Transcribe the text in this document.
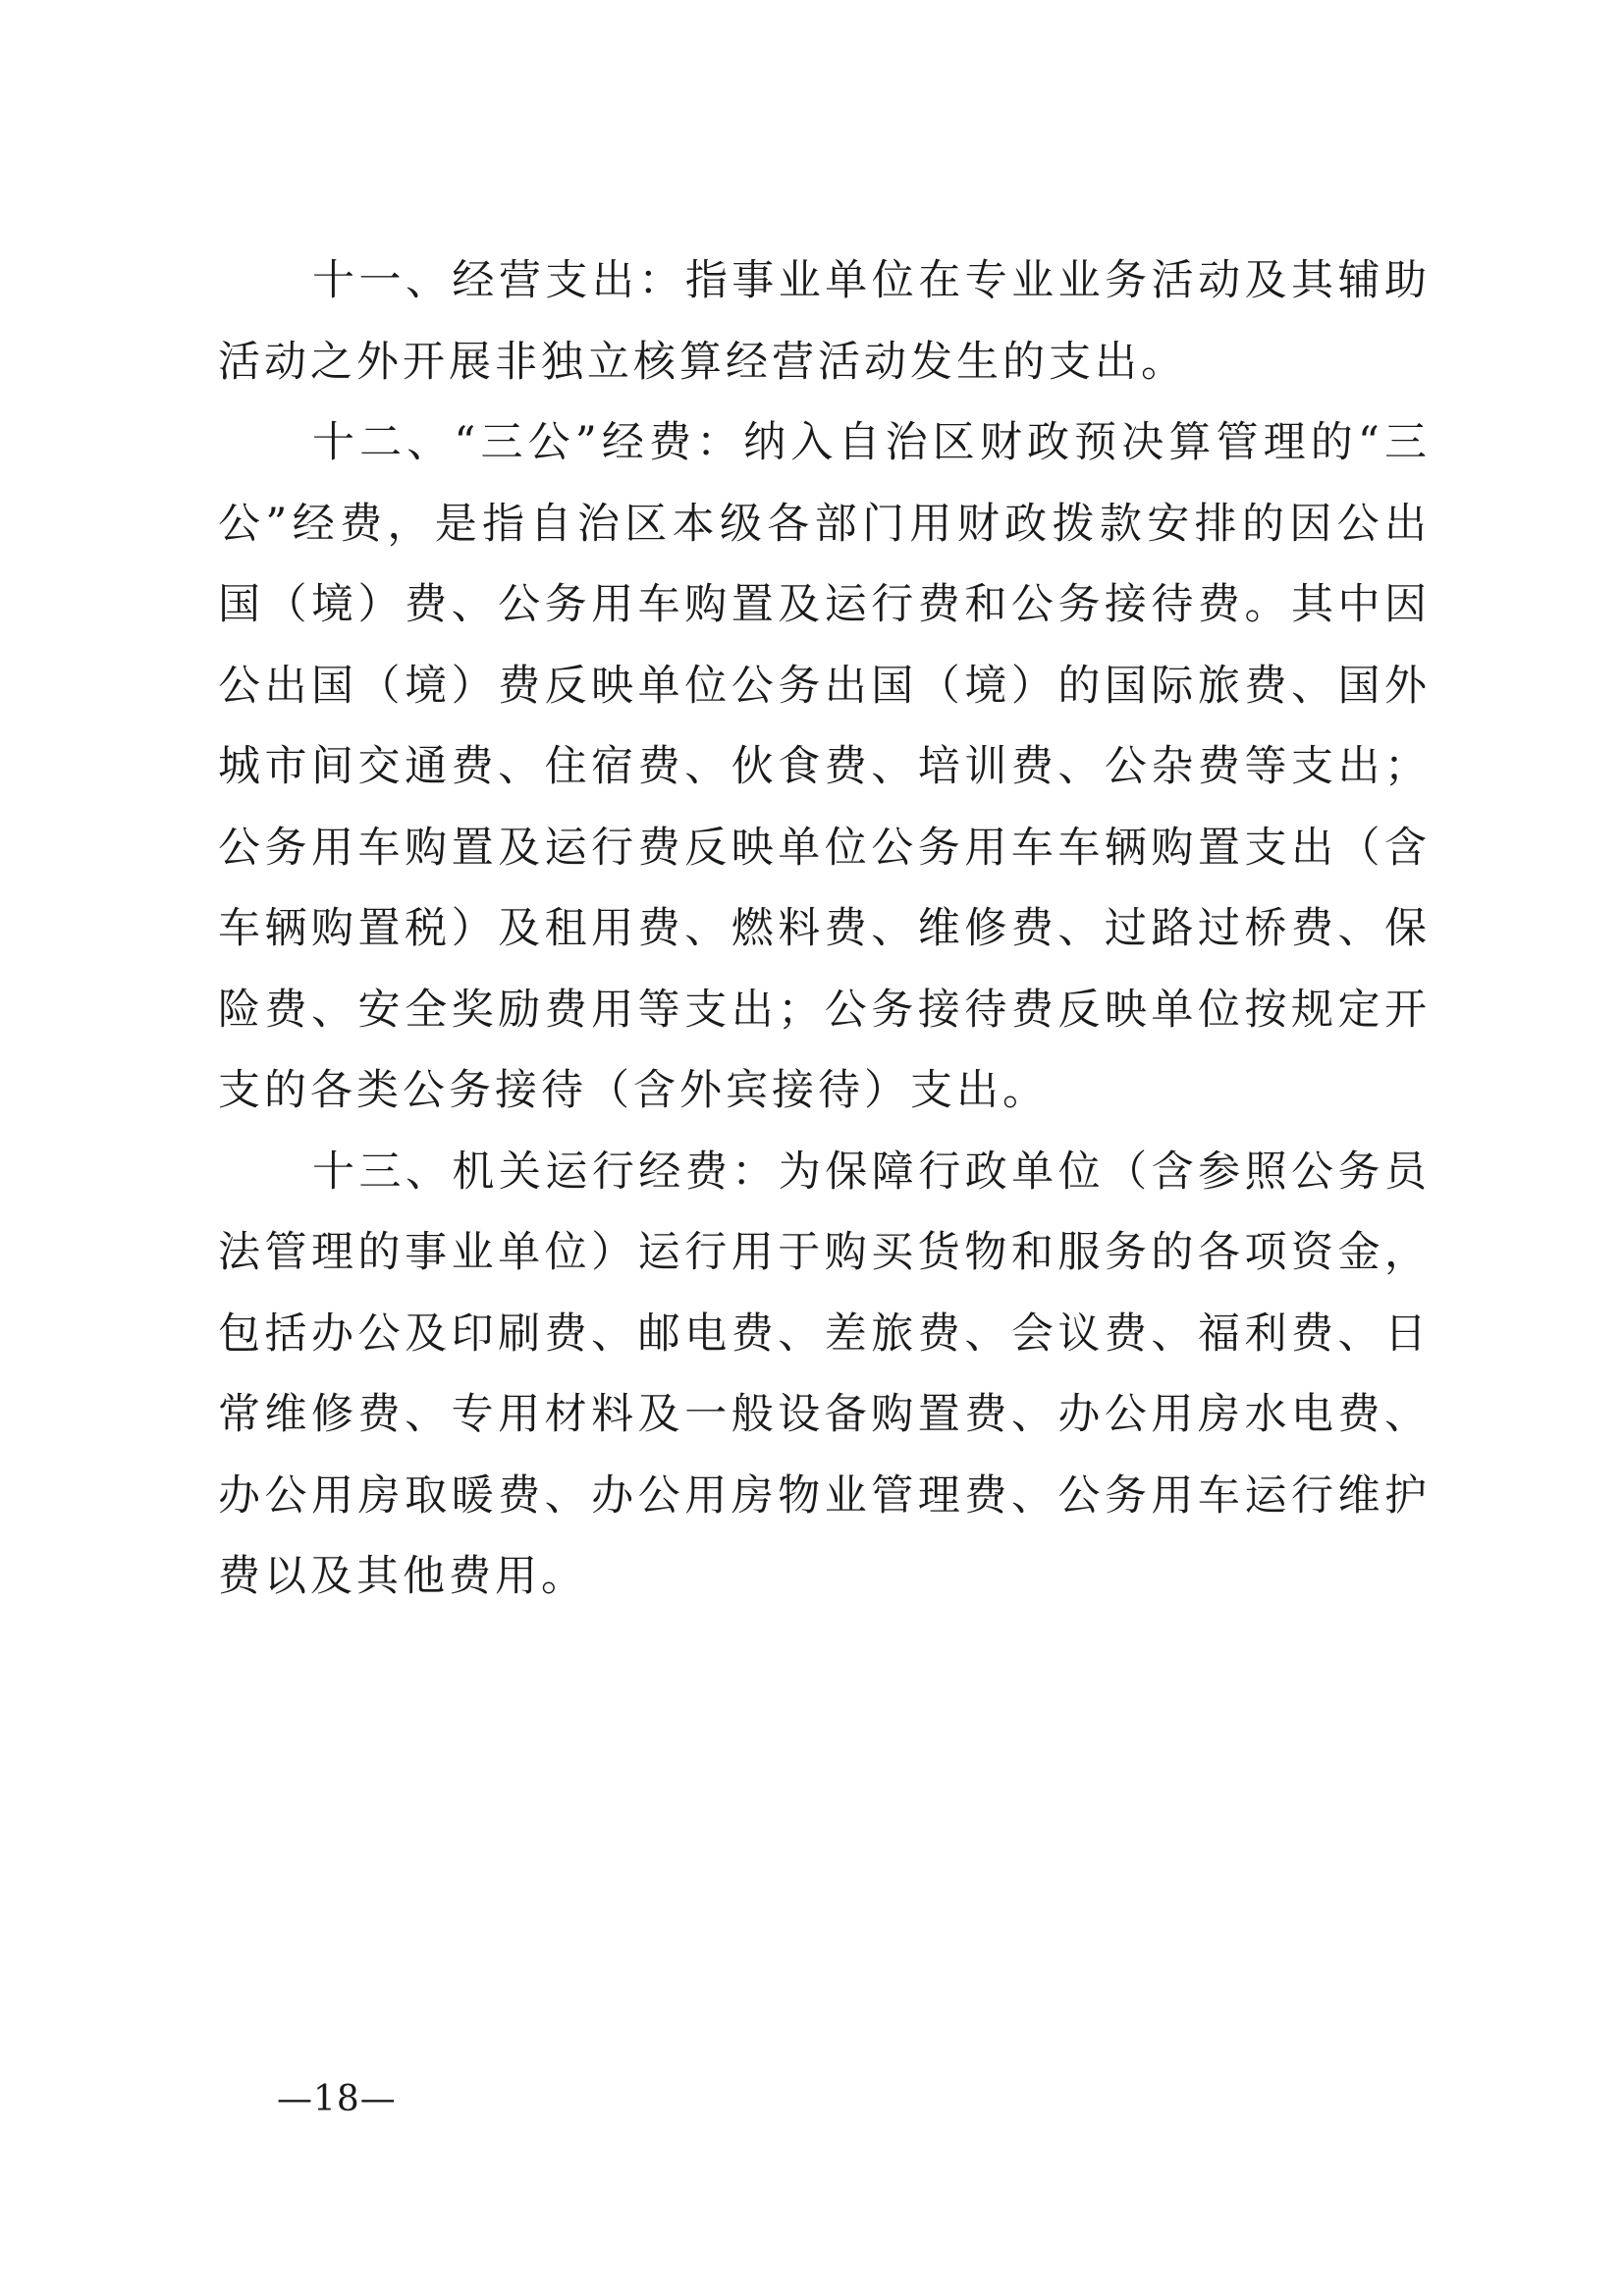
十一、经营支出：指事业单位在专业业务活动及其辅助活动之外开展非独立核算经营活动发生的支出。

十二、“三公”经费：纳入自治区财政预决算管理的“三公”经费，是指自治区本级各部门用财政拨款安排的因公出国（境）费、公务用车购置及运行费和公务接待费。其中因公出国（境）费反映单位公务出国（境）的国际旅费、国外城市间交通费、住宿费、伙食费、培训费、公杂费等支出；公务用车购置及运行费反映单位公务用车车辆购置支出（含车辆购置税）及租用费、燃料费、维修费、过路过桥费、保险费、安全奖励费用等支出；公务接待费反映单位按规定开支的各类公务接待（含外宾接待）支出。

十三、机关运行经费：为保障行政单位（含参照公务员法管理的事业单位）运行用于购买货物和服务的各项资金，包括办公及印刷费、邮电费、差旅费、会议费、福利费、日常维修费、专用材料及一般设备购置费、办公用房水电费、办公用房取暖费、办公用房物业管理费、公务用车运行维护费以及其他费用。

—18—
